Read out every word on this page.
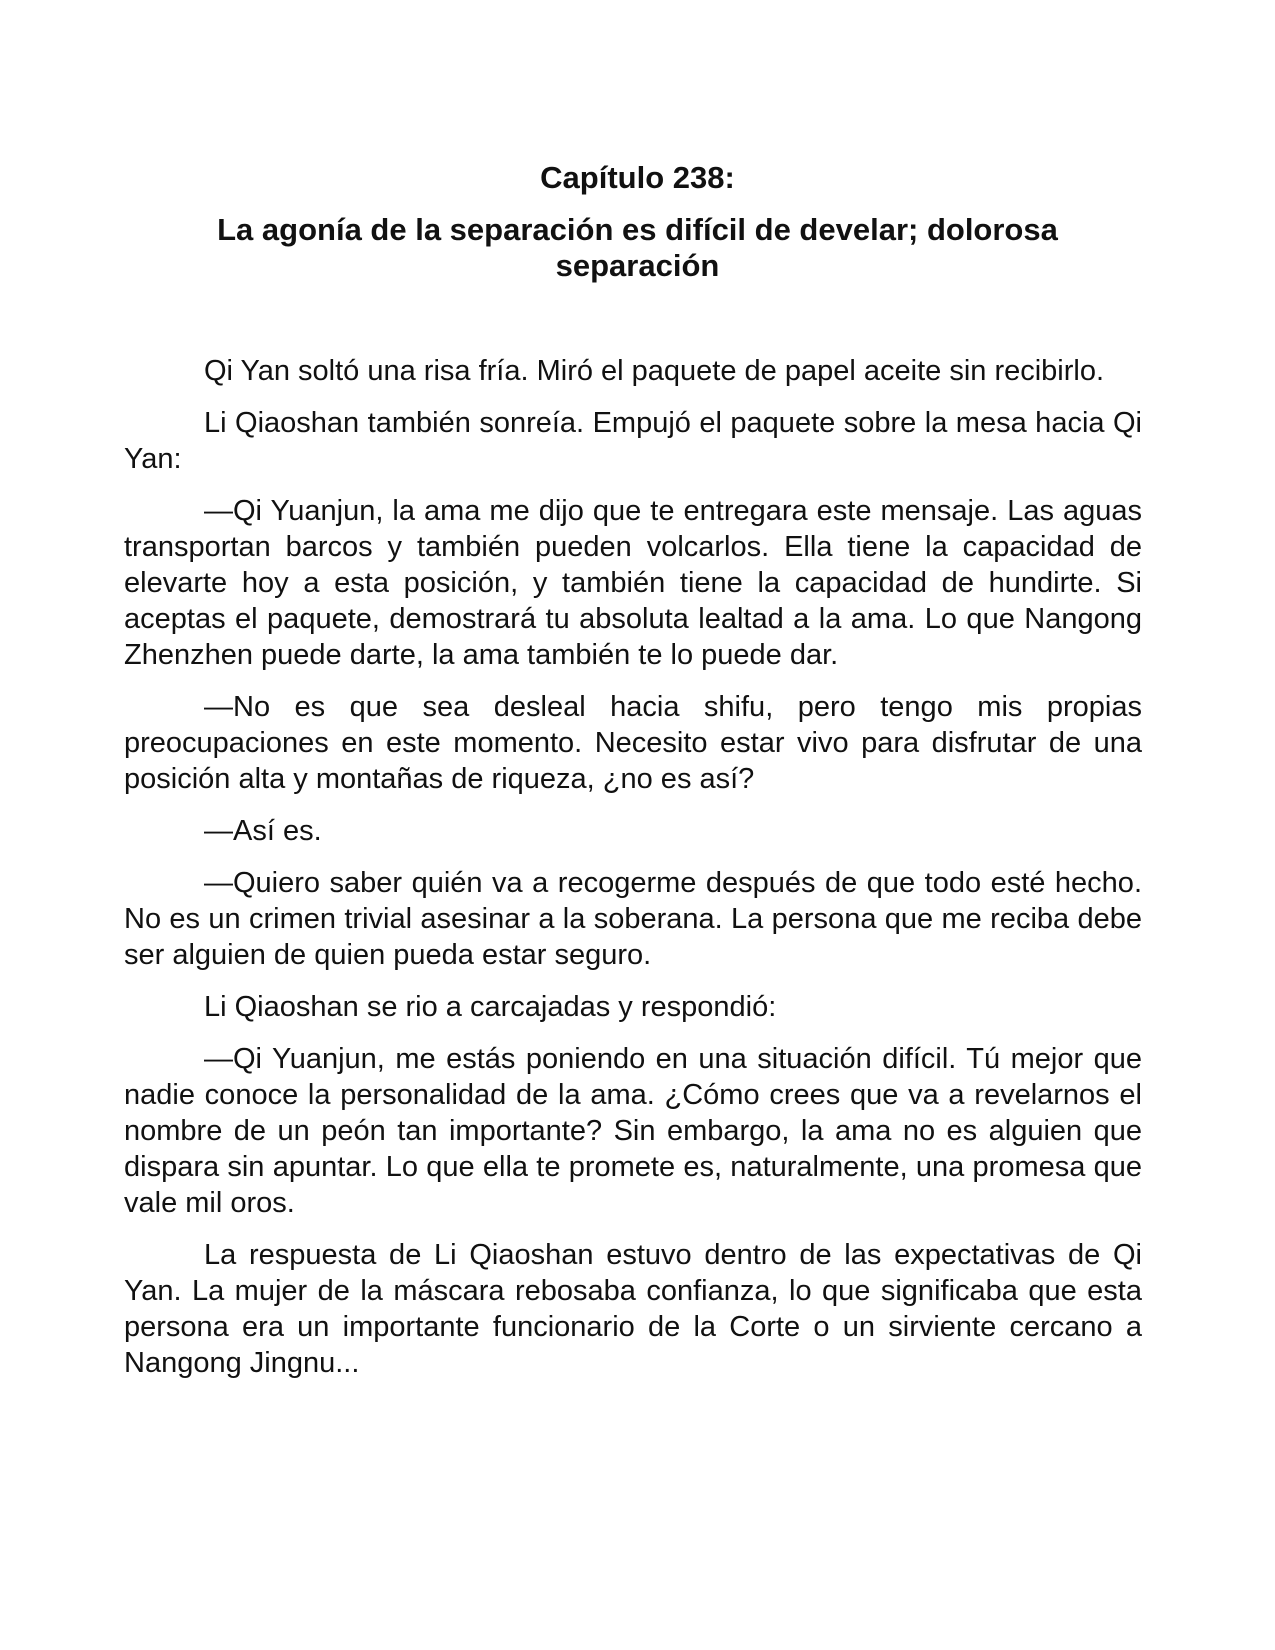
Capítulo 238:

La agonía de la separación es difícil de develar; dolorosa separación

Qi Yan soltó una risa fría. Miró el paquete de papel aceite sin recibirlo.

Li Qiaoshan también sonreía. Empujó el paquete sobre la mesa hacia Qi Yan:

—Qi Yuanjun, la ama me dijo que te entregara este mensaje. Las aguas transportan barcos y también pueden volcarlos. Ella tiene la capacidad de elevarte hoy a esta posición, y también tiene la capacidad de hundirte. Si aceptas el paquete, demostrará tu absoluta lealtad a la ama. Lo que Nangong Zhenzhen puede darte, la ama también te lo puede dar.

—No es que sea desleal hacia shifu, pero tengo mis propias preocupaciones en este momento. Necesito estar vivo para disfrutar de una posición alta y montañas de riqueza, ¿no es así?

—Así es.

—Quiero saber quién va a recogerme después de que todo esté hecho. No es un crimen trivial asesinar a la soberana. La persona que me reciba debe ser alguien de quien pueda estar seguro.

Li Qiaoshan se rio a carcajadas y respondió:

—Qi Yuanjun, me estás poniendo en una situación difícil. Tú mejor que nadie conoce la personalidad de la ama. ¿Cómo crees que va a revelarnos el nombre de un peón tan importante? Sin embargo, la ama no es alguien que dispara sin apuntar. Lo que ella te promete es, naturalmente, una promesa que vale mil oros.

La respuesta de Li Qiaoshan estuvo dentro de las expectativas de Qi Yan. La mujer de la máscara rebosaba confianza, lo que significaba que esta persona era un importante funcionario de la Corte o un sirviente cercano a Nangong Jingnu...
